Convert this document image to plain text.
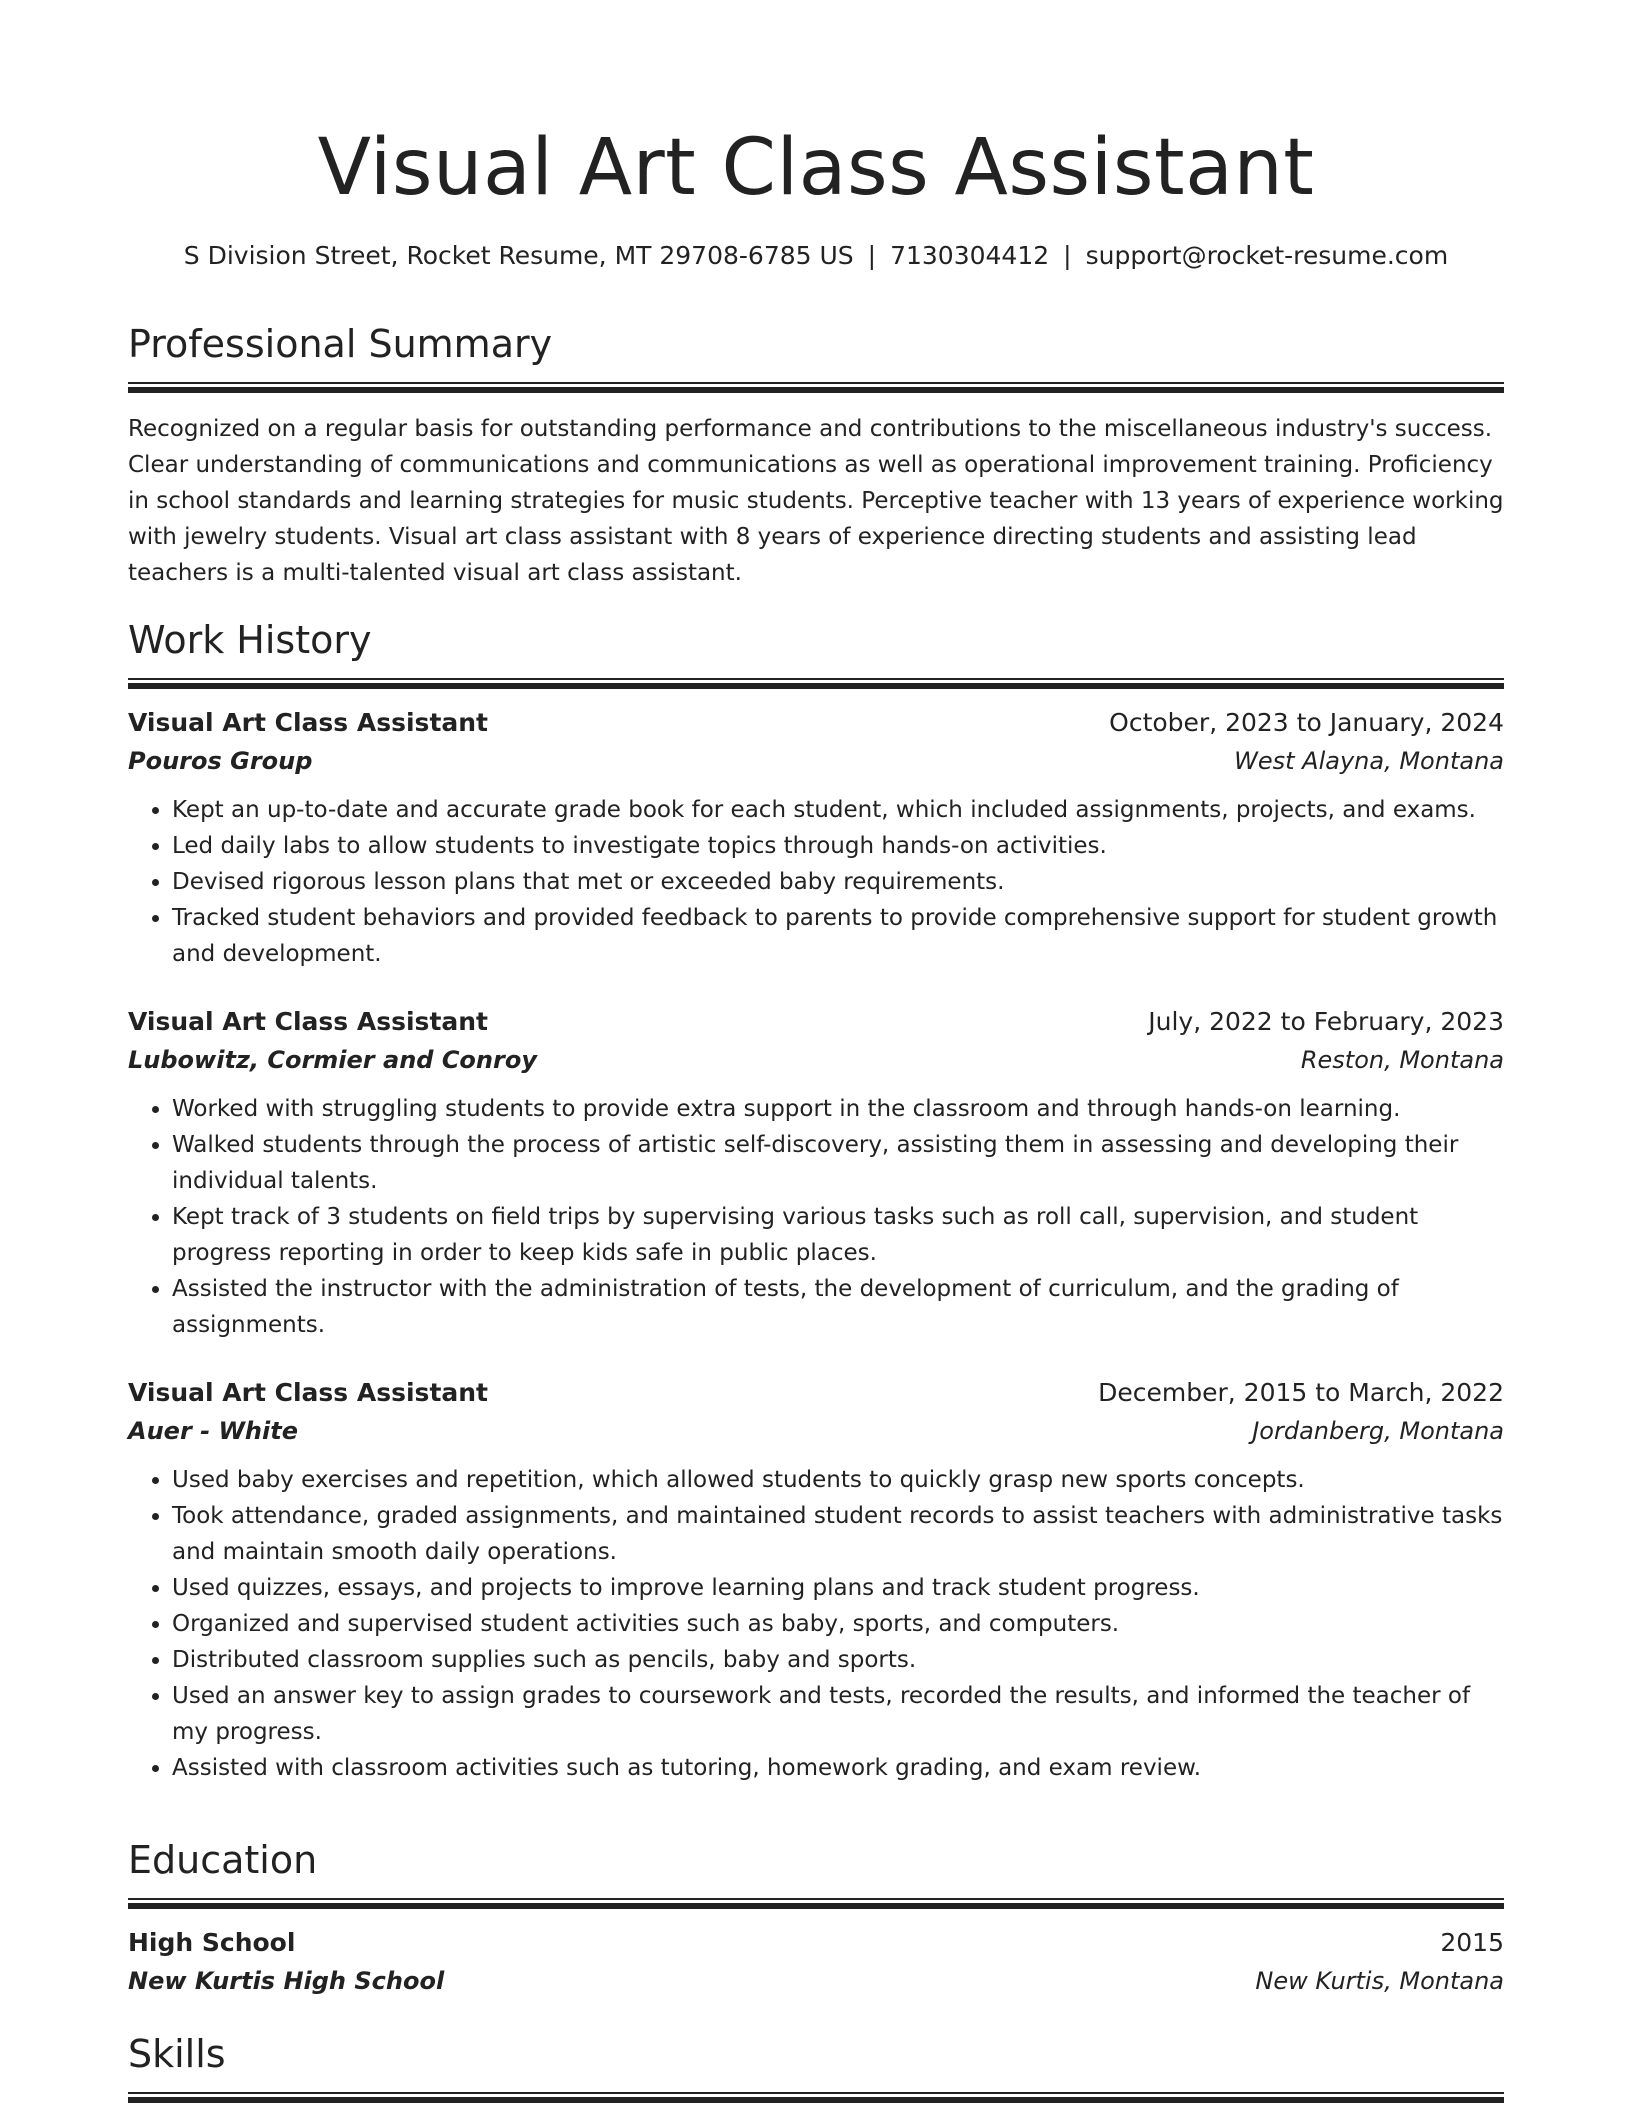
Visual Art Class Assistant
S Division Street, Rocket Resume, MT 29708-6785 US | 7130304412 | support@rocket-resume.com
Professional Summary
Recognized on a regular basis for outstanding performance and contributions to the miscellaneous industry's success. Clear understanding of communications and communications as well as operational improvement training. Proficiency in school standards and learning strategies for music students. Perceptive teacher with 13 years of experience working with jewelry students. Visual art class assistant with 8 years of experience directing students and assisting lead teachers is a multi-talented visual art class assistant.
Work History
Visual Art Class Assistant	October, 2023 to January, 2024
Pouros Group	West Alayna, Montana
• Kept an up-to-date and accurate grade book for each student, which included assignments, projects, and exams.
• Led daily labs to allow students to investigate topics through hands-on activities.
• Devised rigorous lesson plans that met or exceeded baby requirements.
• Tracked student behaviors and provided feedback to parents to provide comprehensive support for student growth and development.
Visual Art Class Assistant	July, 2022 to February, 2023
Lubowitz, Cormier and Conroy	Reston, Montana
• Worked with struggling students to provide extra support in the classroom and through hands-on learning.
• Walked students through the process of artistic self-discovery, assisting them in assessing and developing their individual talents.
• Kept track of 3 students on field trips by supervising various tasks such as roll call, supervision, and student progress reporting in order to keep kids safe in public places.
• Assisted the instructor with the administration of tests, the development of curriculum, and the grading of assignments.
Visual Art Class Assistant	December, 2015 to March, 2022
Auer - White	Jordanberg, Montana
• Used baby exercises and repetition, which allowed students to quickly grasp new sports concepts.
• Took attendance, graded assignments, and maintained student records to assist teachers with administrative tasks and maintain smooth daily operations.
• Used quizzes, essays, and projects to improve learning plans and track student progress.
• Organized and supervised student activities such as baby, sports, and computers.
• Distributed classroom supplies such as pencils, baby and sports.
• Used an answer key to assign grades to coursework and tests, recorded the results, and informed the teacher of my progress.
• Assisted with classroom activities such as tutoring, homework grading, and exam review.
Education
High School	2015
New Kurtis High School	New Kurtis, Montana
Skills
